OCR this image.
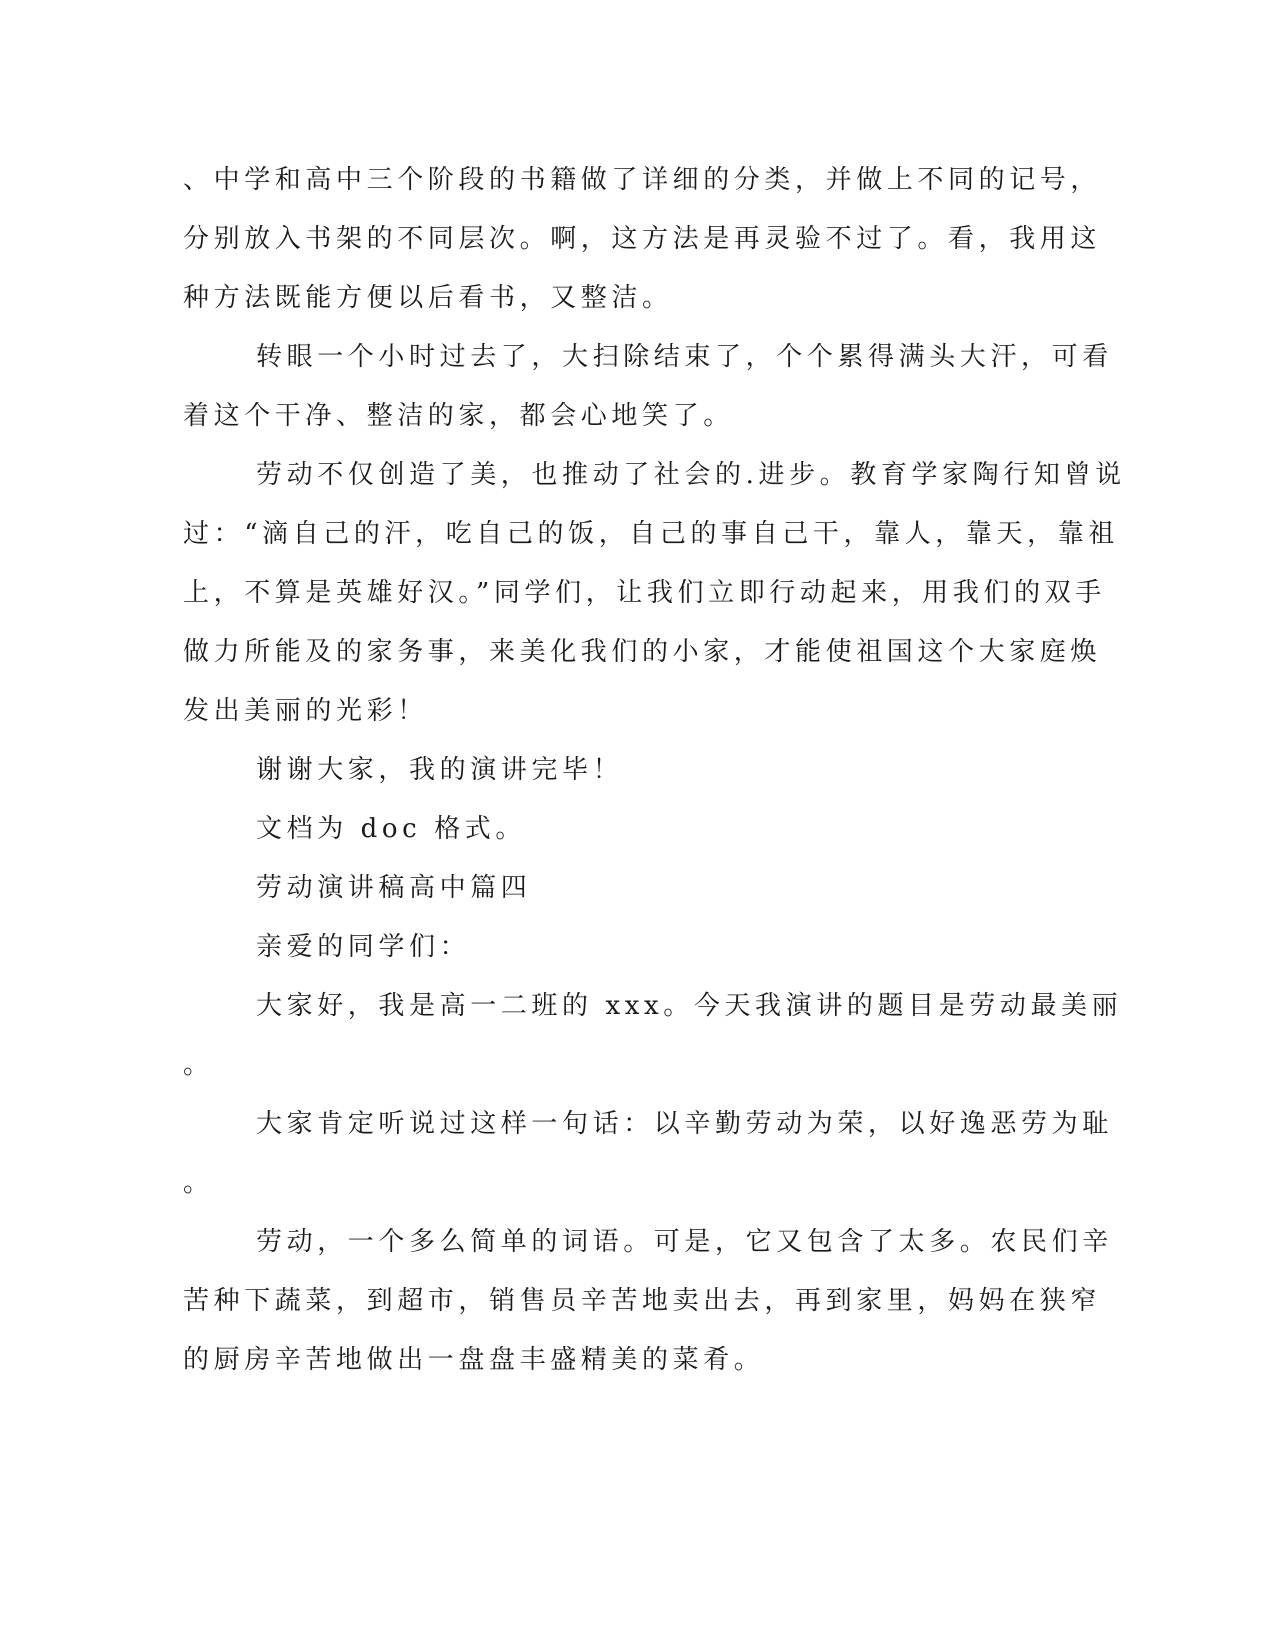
、中学和高中三个阶段的书籍做了详细的分类，并做上不同的记号，
分别放入书架的不同层次。啊，这方法是再灵验不过了。看，我用这
种方法既能方便以后看书，又整洁。
转眼一个小时过去了，大扫除结束了，个个累得满头大汗，可看
着这个干净、整洁的家，都会心地笑了。
劳动不仅创造了美，也推动了社会的.进步。教育学家陶行知曾说
过：“滴自己的汗，吃自己的饭，自己的事自己干，靠人，靠天，靠祖
上，不算是英雄好汉。”同学们，让我们立即行动起来，用我们的双手
做力所能及的家务事，来美化我们的小家，才能使祖国这个大家庭焕
发出美丽的光彩！
谢谢大家，我的演讲完毕！
文档为 doc 格式。
劳动演讲稿高中篇四
亲爱的同学们：
大家好，我是高一二班的 xxx。今天我演讲的题目是劳动最美丽
。
大家肯定听说过这样一句话：以辛勤劳动为荣，以好逸恶劳为耻
。
劳动，一个多么简单的词语。可是，它又包含了太多。农民们辛
苦种下蔬菜，到超市，销售员辛苦地卖出去，再到家里，妈妈在狭窄
的厨房辛苦地做出一盘盘丰盛精美的菜肴。
